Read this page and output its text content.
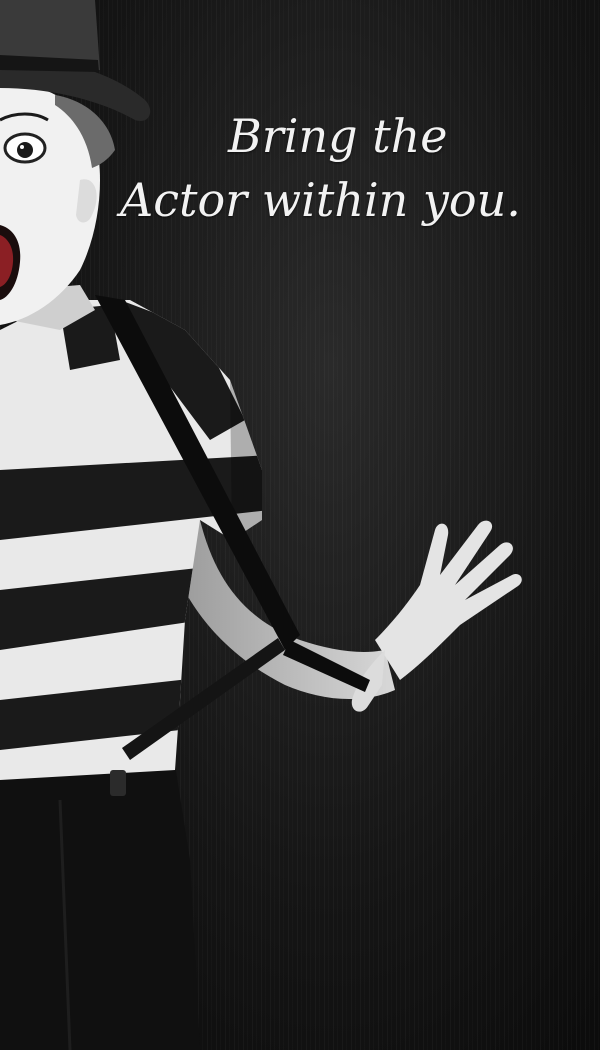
Bring the
Actor within you.
